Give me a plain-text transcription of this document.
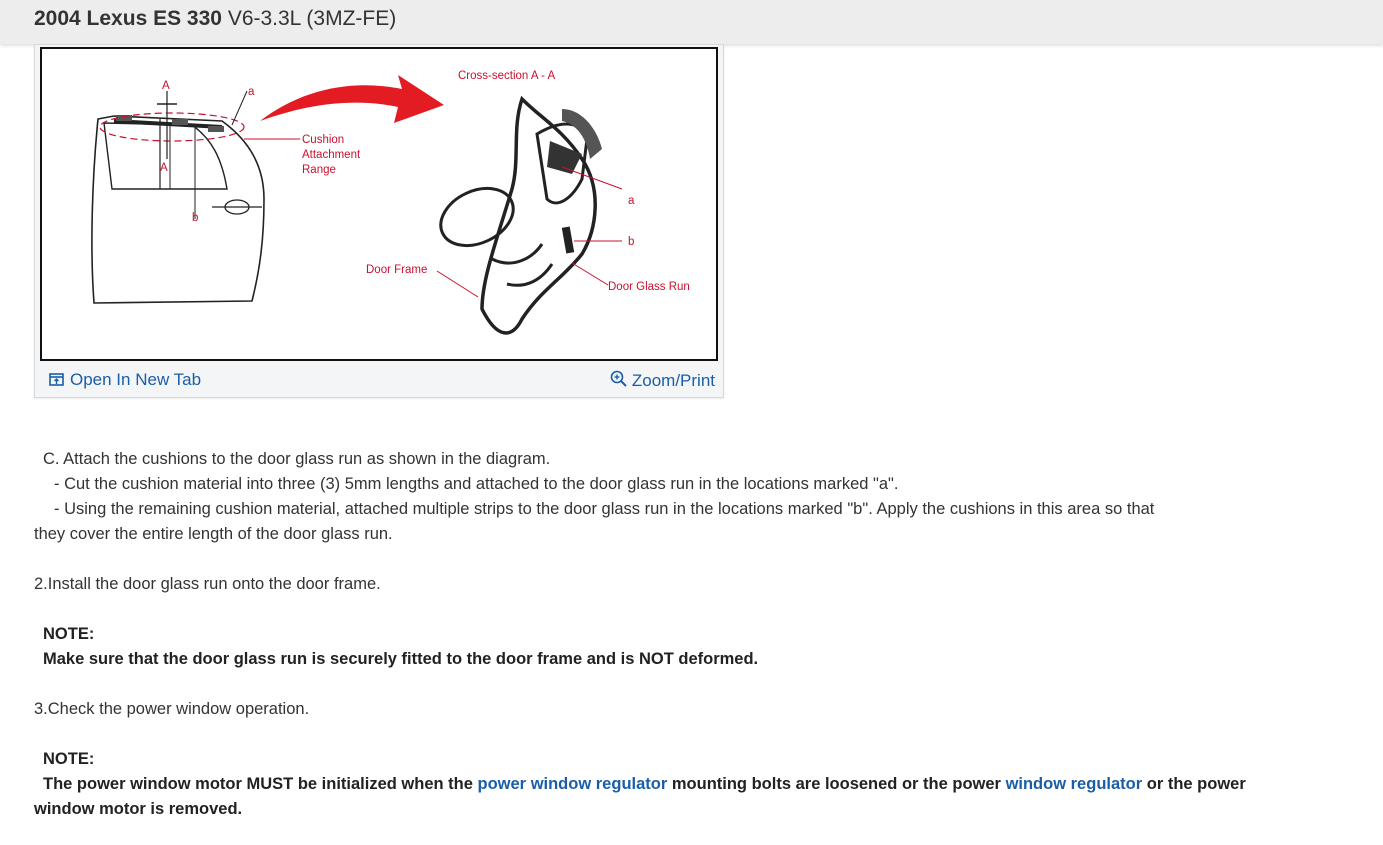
2004 Lexus ES 330 V6-3.3L (3MZ-FE)
A
A
a
b
Cushion
Attachment
Range
Cross-section A - A
a
b
Door Frame
Door Glass Run
Open In New Tab	Zoom/Print

C. Attach the cushions to the door glass run as shown in the diagram.

- Cut the cushion material into three (3) 5mm lengths and attached to the door glass run in the locations marked "a".

- Using the remaining cushion material, attached multiple strips to the door glass run in the locations marked "b". Apply the cushions in this area so that

they cover the entire length of the door glass run.

2.Install the door glass run onto the door frame.

NOTE:

Make sure that the door glass run is securely fitted to the door frame and is NOT deformed.

3.Check the power window operation.

NOTE:

The power window motor MUST be initialized when the power window regulator mounting bolts are loosened or the power window regulator or the power

window motor is removed.
